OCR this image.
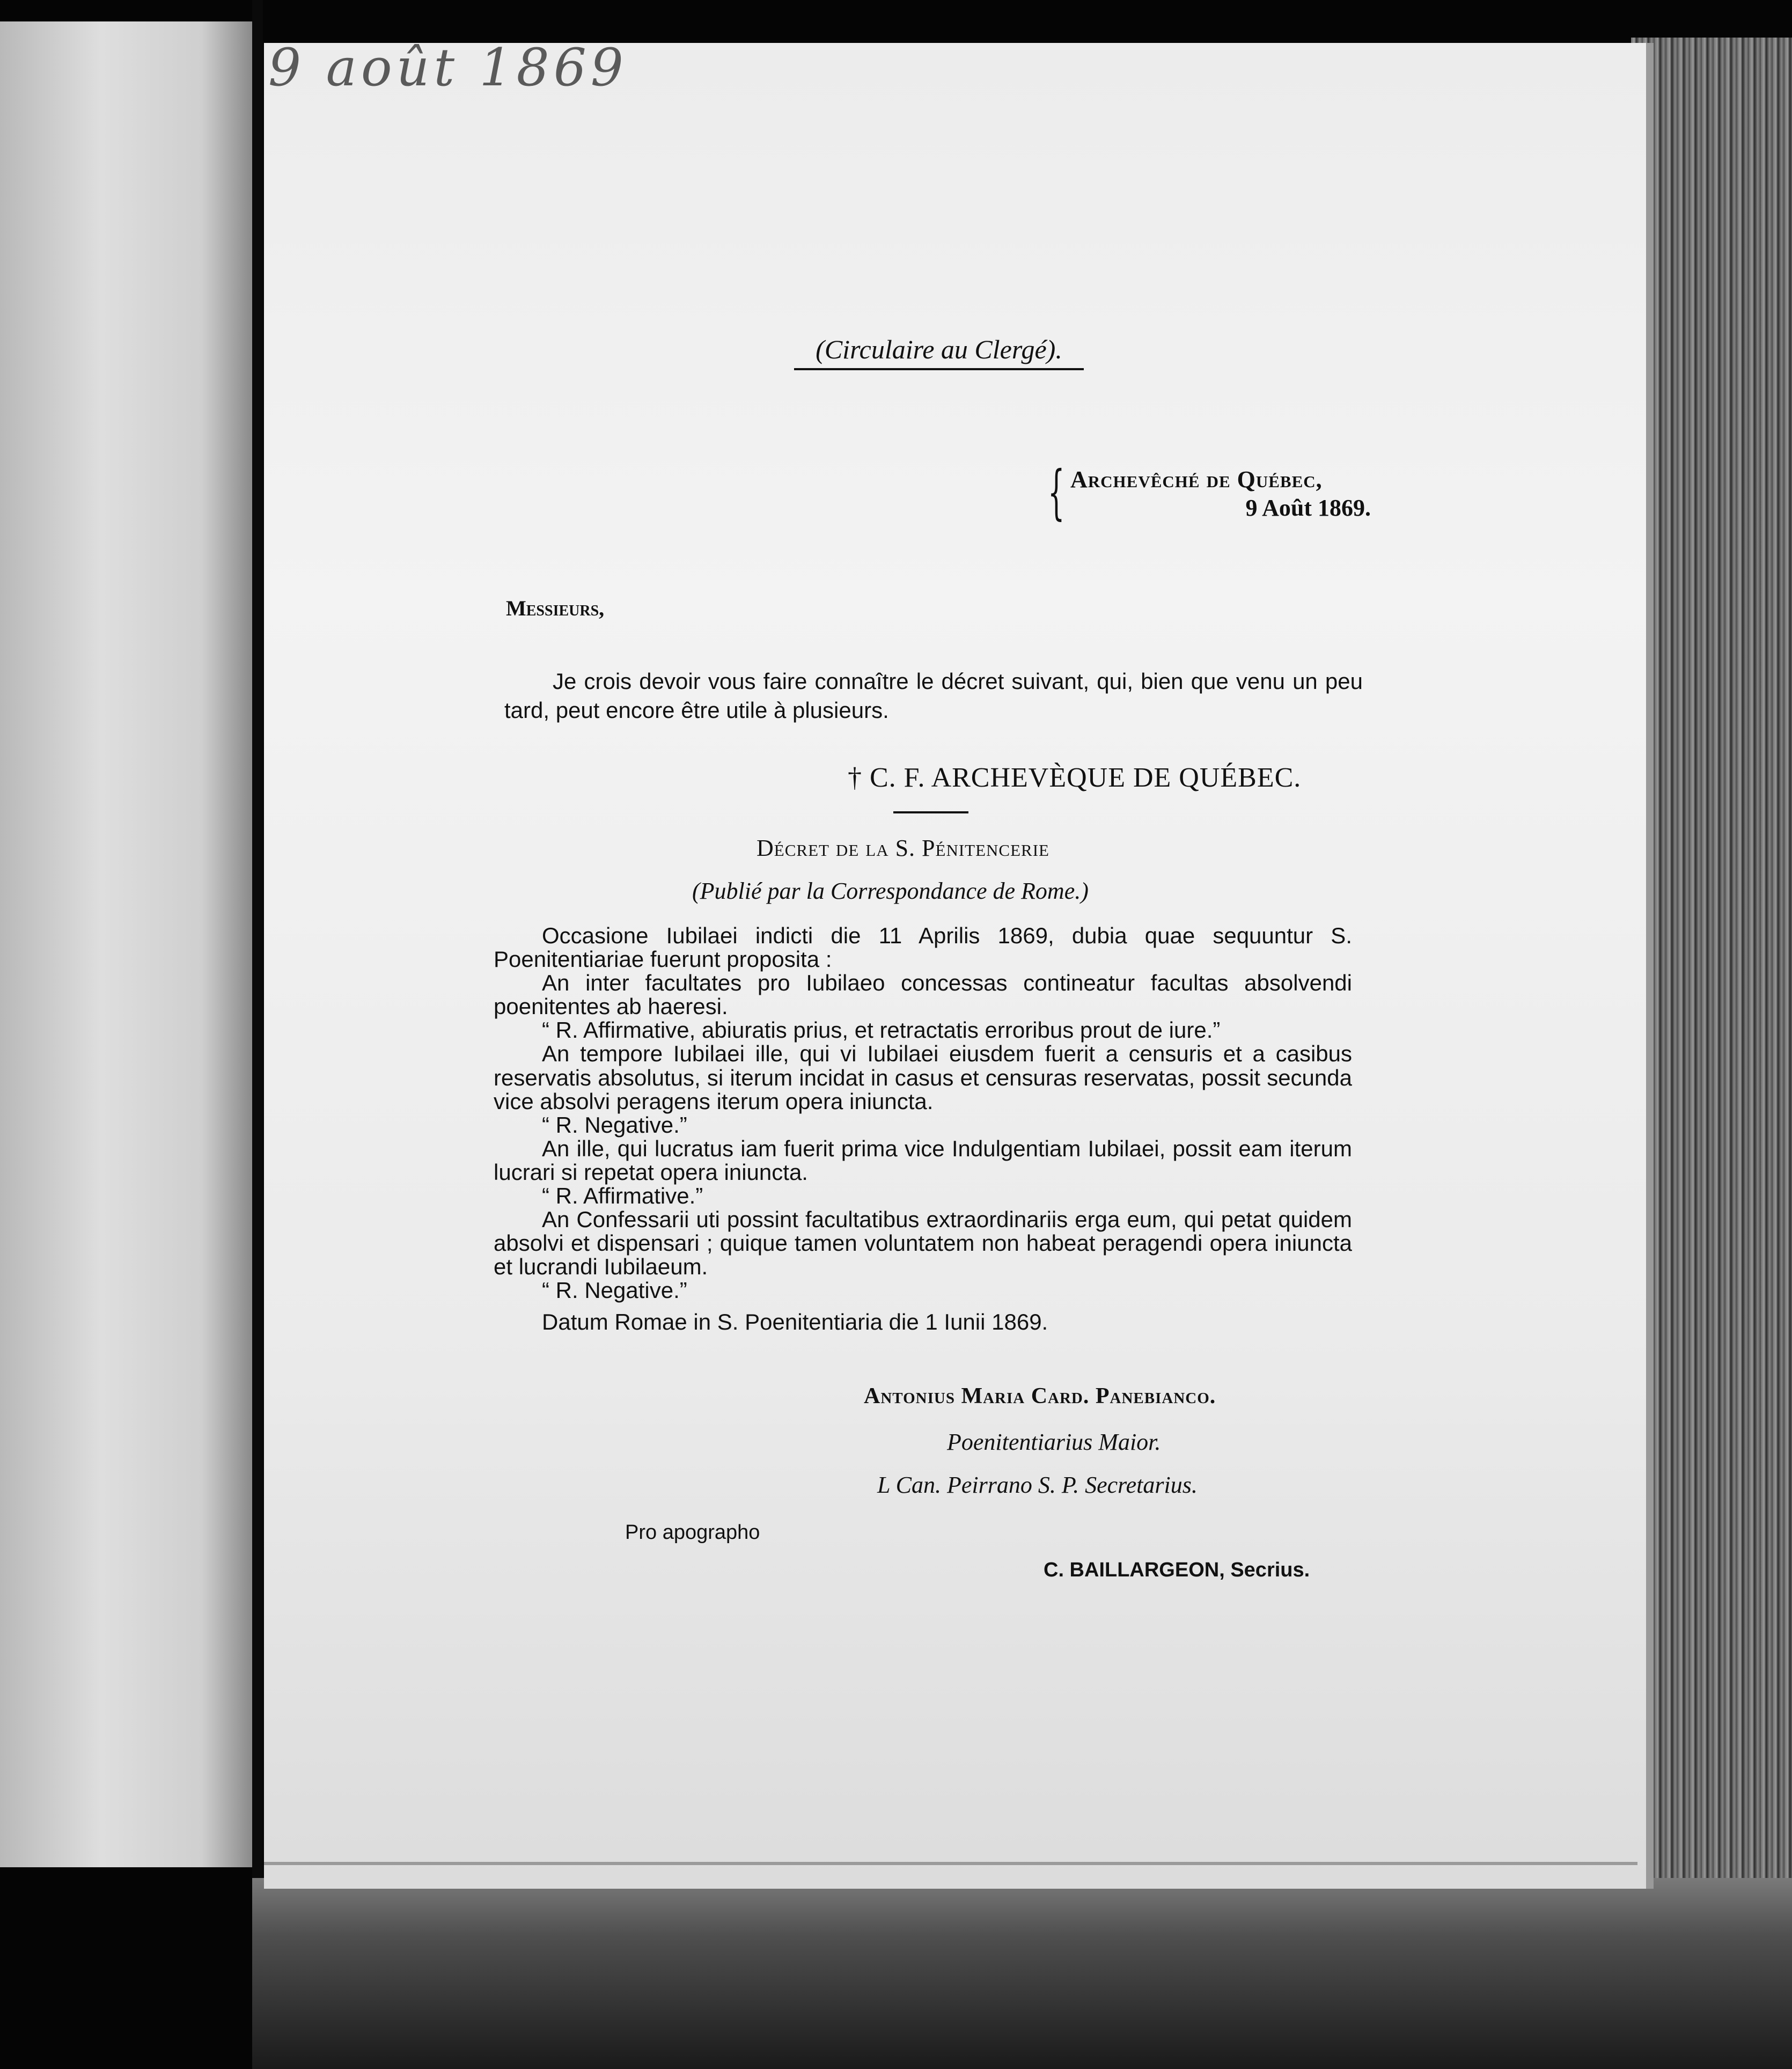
9 août 1869
(Circulaire au Clergé).
{ Archevêché de Québec,
9 Août 1869.
Messieurs,
Je crois devoir vous faire connaître le décret suivant, qui, bien que venu un peu tard, peut encore être utile à plusieurs.
† C. F. ARCHEVÈQUE DE QUÉBEC.
Décret de la S. Pénitencerie
(Publié par la Correspondance de Rome.)

Occasione Iubilaei indicti die 11 Aprilis 1869, dubia quae sequuntur S. Poenitentiariae fuerunt proposita :

An inter facultates pro Iubilaeo concessas contineatur facultas absolvendi poenitentes ab haeresi.

“ R. Affirmative, abiuratis prius, et retractatis erroribus prout de iure.”

An tempore Iubilaei ille, qui vi Iubilaei eiusdem fuerit a censuris et a casibus reservatis absolutus, si iterum incidat in casus et censuras reservatas, possit secunda vice absolvi peragens iterum opera iniuncta.

“ R. Negative.”

An ille, qui lucratus iam fuerit prima vice Indulgentiam Iubilaei, possit eam iterum lucrari si repetat opera iniuncta.

“ R. Affirmative.”

An Confessarii uti possint facultatibus extraordinariis erga eum, qui petat quidem absolvi et dispensari ; quique tamen voluntatem non habeat peragendi opera iniuncta et lucrandi Iubilaeum.

“ R. Negative.”

Datum Romae in S. Poenitentiaria die 1 Iunii 1869.

Antonius Maria Card. Panebianco.
Poenitentiarius Maior.
L Can. Peirrano S. P. Secretarius.
Pro apographo
C. BAILLARGEON, Secrius.
